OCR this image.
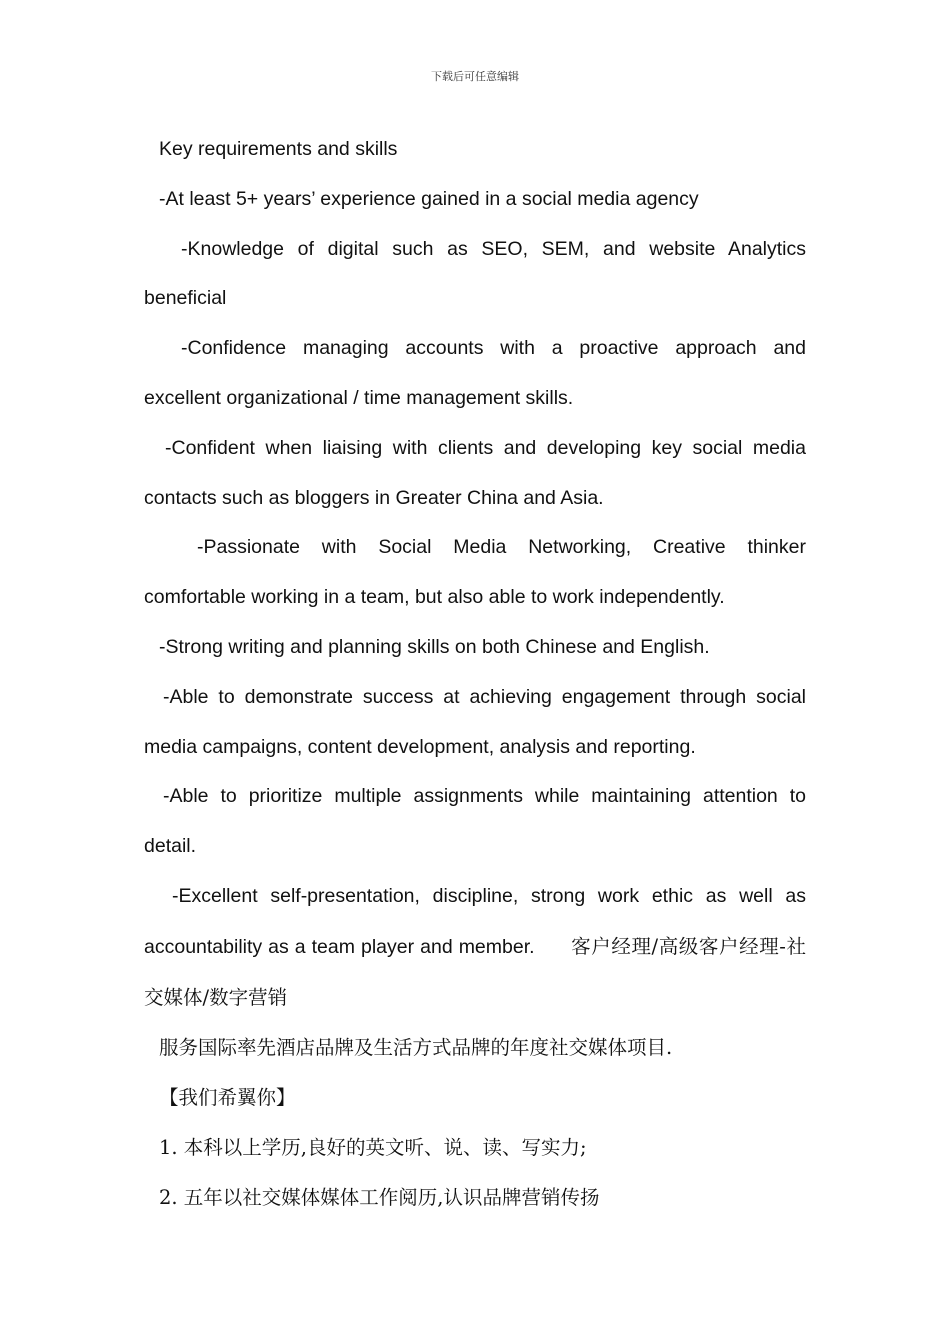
下载后可任意编辑

Key requirements and skills

-At least 5+ years’ experience gained in a social media agency

-Knowledge of digital such as SEO, SEM, and website Analytics beneficial

-Confidence managing accounts with a proactive approach and excellent organizational / time management skills.

-Confident when liaising with clients and developing key social media contacts such as bloggers in Greater China and Asia.

-Passionate with Social Media Networking, Creative thinker comfortable working in a team, but also able to work independently.

-Strong writing and planning skills on both Chinese and English.

-Able to demonstrate success at achieving engagement through social media campaigns, content development, analysis and reporting.

-Able to prioritize multiple assignments while maintaining attention to detail.

-Excellent self-presentation, discipline, strong work ethic as well as accountability as a team player and member. 客户经理/高级客户经理-社交媒体/数字营销

服务国际率先酒店品牌及生活方式品牌的年度社交媒体项目.

【我们希翼你】

1. 本科以上学历,良好的英文听、说、读、写实力;

2. 五年以社交媒体媒体工作阅历,认识品牌营销传扬
